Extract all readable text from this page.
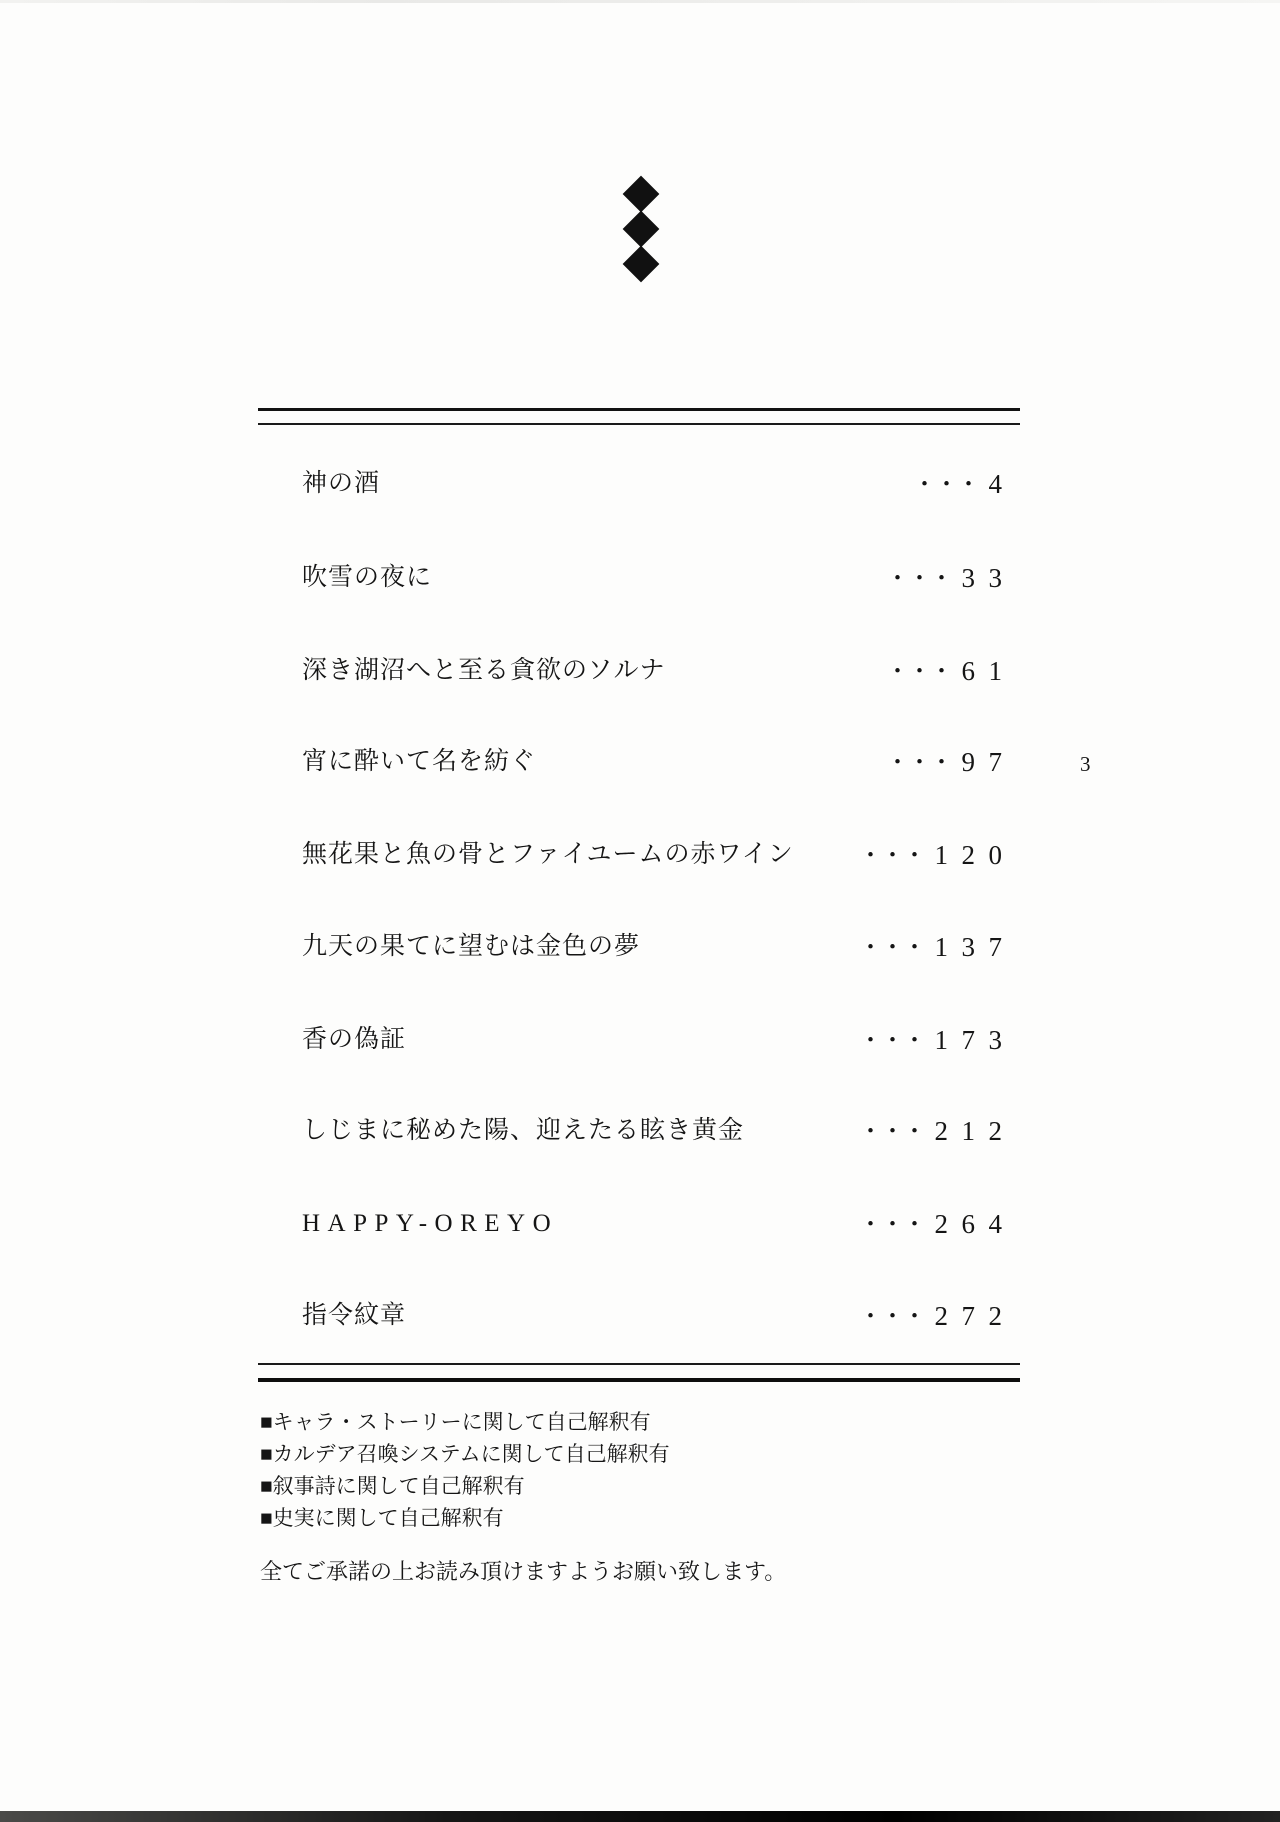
神の酒	・・・ 4
吹雪の夜に	・・・ 33
深き湖沼へと至る貪欲のソルナ	・・・ 61
宵に酔いて名を紡ぐ	・・・ 97
無花果と魚の骨とファイユームの赤ワイン	・・・ 120
九天の果てに望むは金色の夢	・・・ 137
香の偽証	・・・ 173
しじまに秘めた陽、迎えたる眩き黄金	・・・ 212
HAPPY-OREYO	・・・ 264
指令紋章	・・・ 272
■キャラ・ストーリーに関して自己解釈有
■カルデア召喚システムに関して自己解釈有
■叙事詩に関して自己解釈有
■史実に関して自己解釈有
全てご承諾の上お読み頂けますようお願い致します。
3
